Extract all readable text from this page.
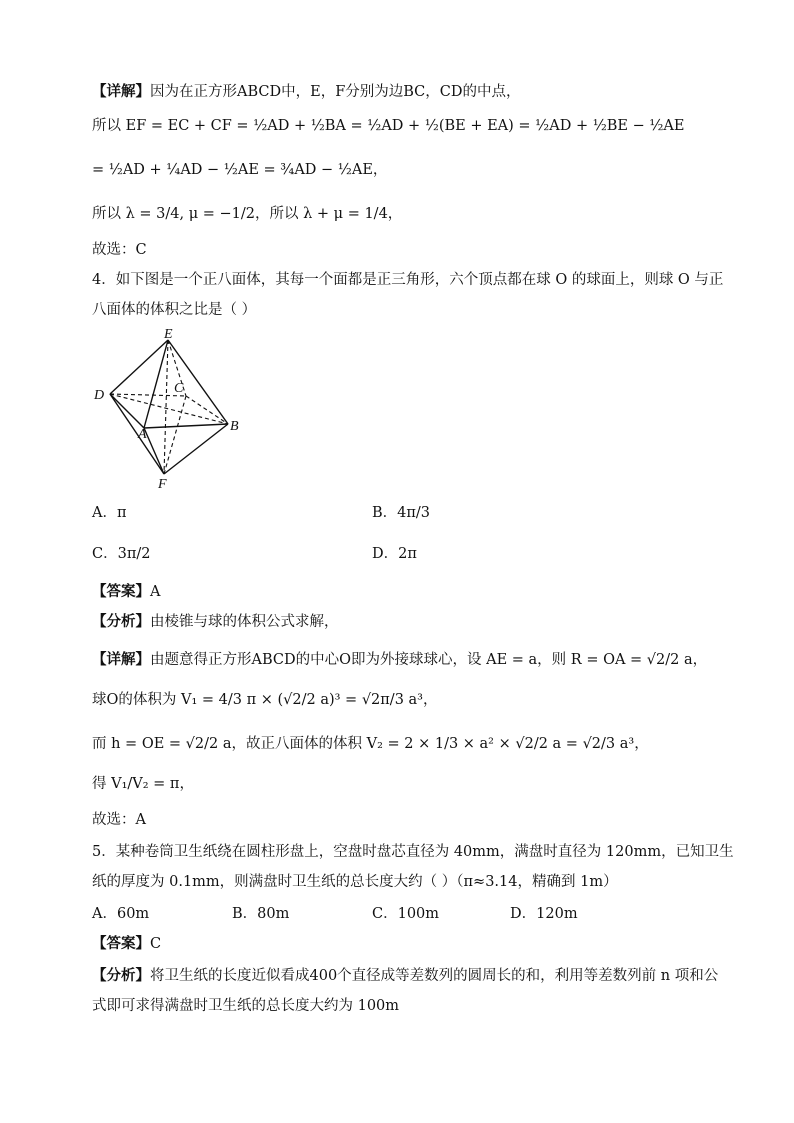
【详解】因为在正方形ABCD中，E，F分别为边BC，CD的中点，
所以 EF = EC + CF = ½AD + ½BA = ½AD + ½(BE + EA) = ½AD + ½BE − ½AE
= ½AD + ¼AD − ½AE = ¾AD − ½AE，
所以 λ = 3/4, μ = −1/2，所以 λ + μ = 1/4，
故选：C
4．如下图是一个正八面体，其每一个面都是正三角形，六个顶点都在球 O 的球面上，则球 O 与正
八面体的体积之比是（ ）
E
D	C
A
B
F
A．π	B．4π/3
C．3π/2	D．2π
【答案】A
【分析】由棱锥与球的体积公式求解，
【详解】由题意得正方形ABCD的中心O即为外接球球心，设 AE = a，则 R = OA = √2/2 a，
球O的体积为 V₁ = 4/3 π × (√2/2 a)³ = √2π/3 a³，
而 h = OE = √2/2 a，故正八面体的体积 V₂ = 2 × 1/3 × a² × √2/2 a = √2/3 a³，
得 V₁/V₂ = π，
故选：A
5．某种卷筒卫生纸绕在圆柱形盘上，空盘时盘芯直径为 40mm，满盘时直径为 120mm，已知卫生
纸的厚度为 0.1mm，则满盘时卫生纸的总长度大约（ ）（π≈3.14，精确到 1m）
A．60m	B．80m	C．100m	D．120m
【答案】C
【分析】将卫生纸的长度近似看成400个直径成等差数列的圆周长的和，利用等差数列前 n 项和公
式即可求得满盘时卫生纸的总长度大约为 100m
